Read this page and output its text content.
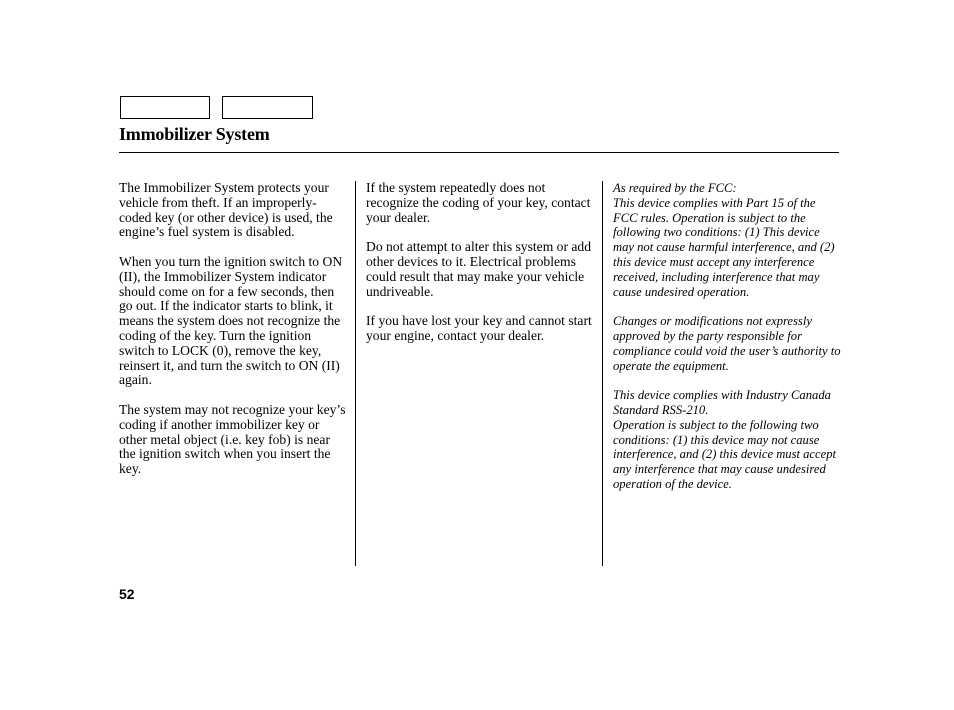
Immobilizer System

The Immobilizer System protects your vehicle from theft. If an improperly-coded key (or other device) is used, the engine’s fuel system is disabled.

When you turn the ignition switch to ON (II), the Immobilizer System indicator should come on for a few seconds, then go out. If the indicator starts to blink, it means the system does not recognize the coding of the key. Turn the ignition switch to LOCK (0), remove the key, reinsert it, and turn the switch to ON (II) again.

The system may not recognize your key’s coding if another immobilizer key or other metal object (i.e. key fob) is near the ignition switch when you insert the key.

If the system repeatedly does not recognize the coding of your key, contact your dealer.

Do not attempt to alter this system or add other devices to it. Electrical problems could result that may make your vehicle undriveable.

If you have lost your key and cannot start your engine, contact your dealer.

As required by the FCC:

This device complies with Part 15 of the FCC rules. Operation is subject to the following two conditions: (1) This device may not cause harmful interference, and (2) this device must accept any interference received, including interference that may cause undesired operation.

Changes or modifications not expressly approved by the party responsible for compliance could void the user’s authority to operate the equipment.

This device complies with Industry Canada Standard RSS-210.

Operation is subject to the following two conditions: (1) this device may not cause interference, and (2) this device must accept any interference that may cause undesired operation of the device.

52
